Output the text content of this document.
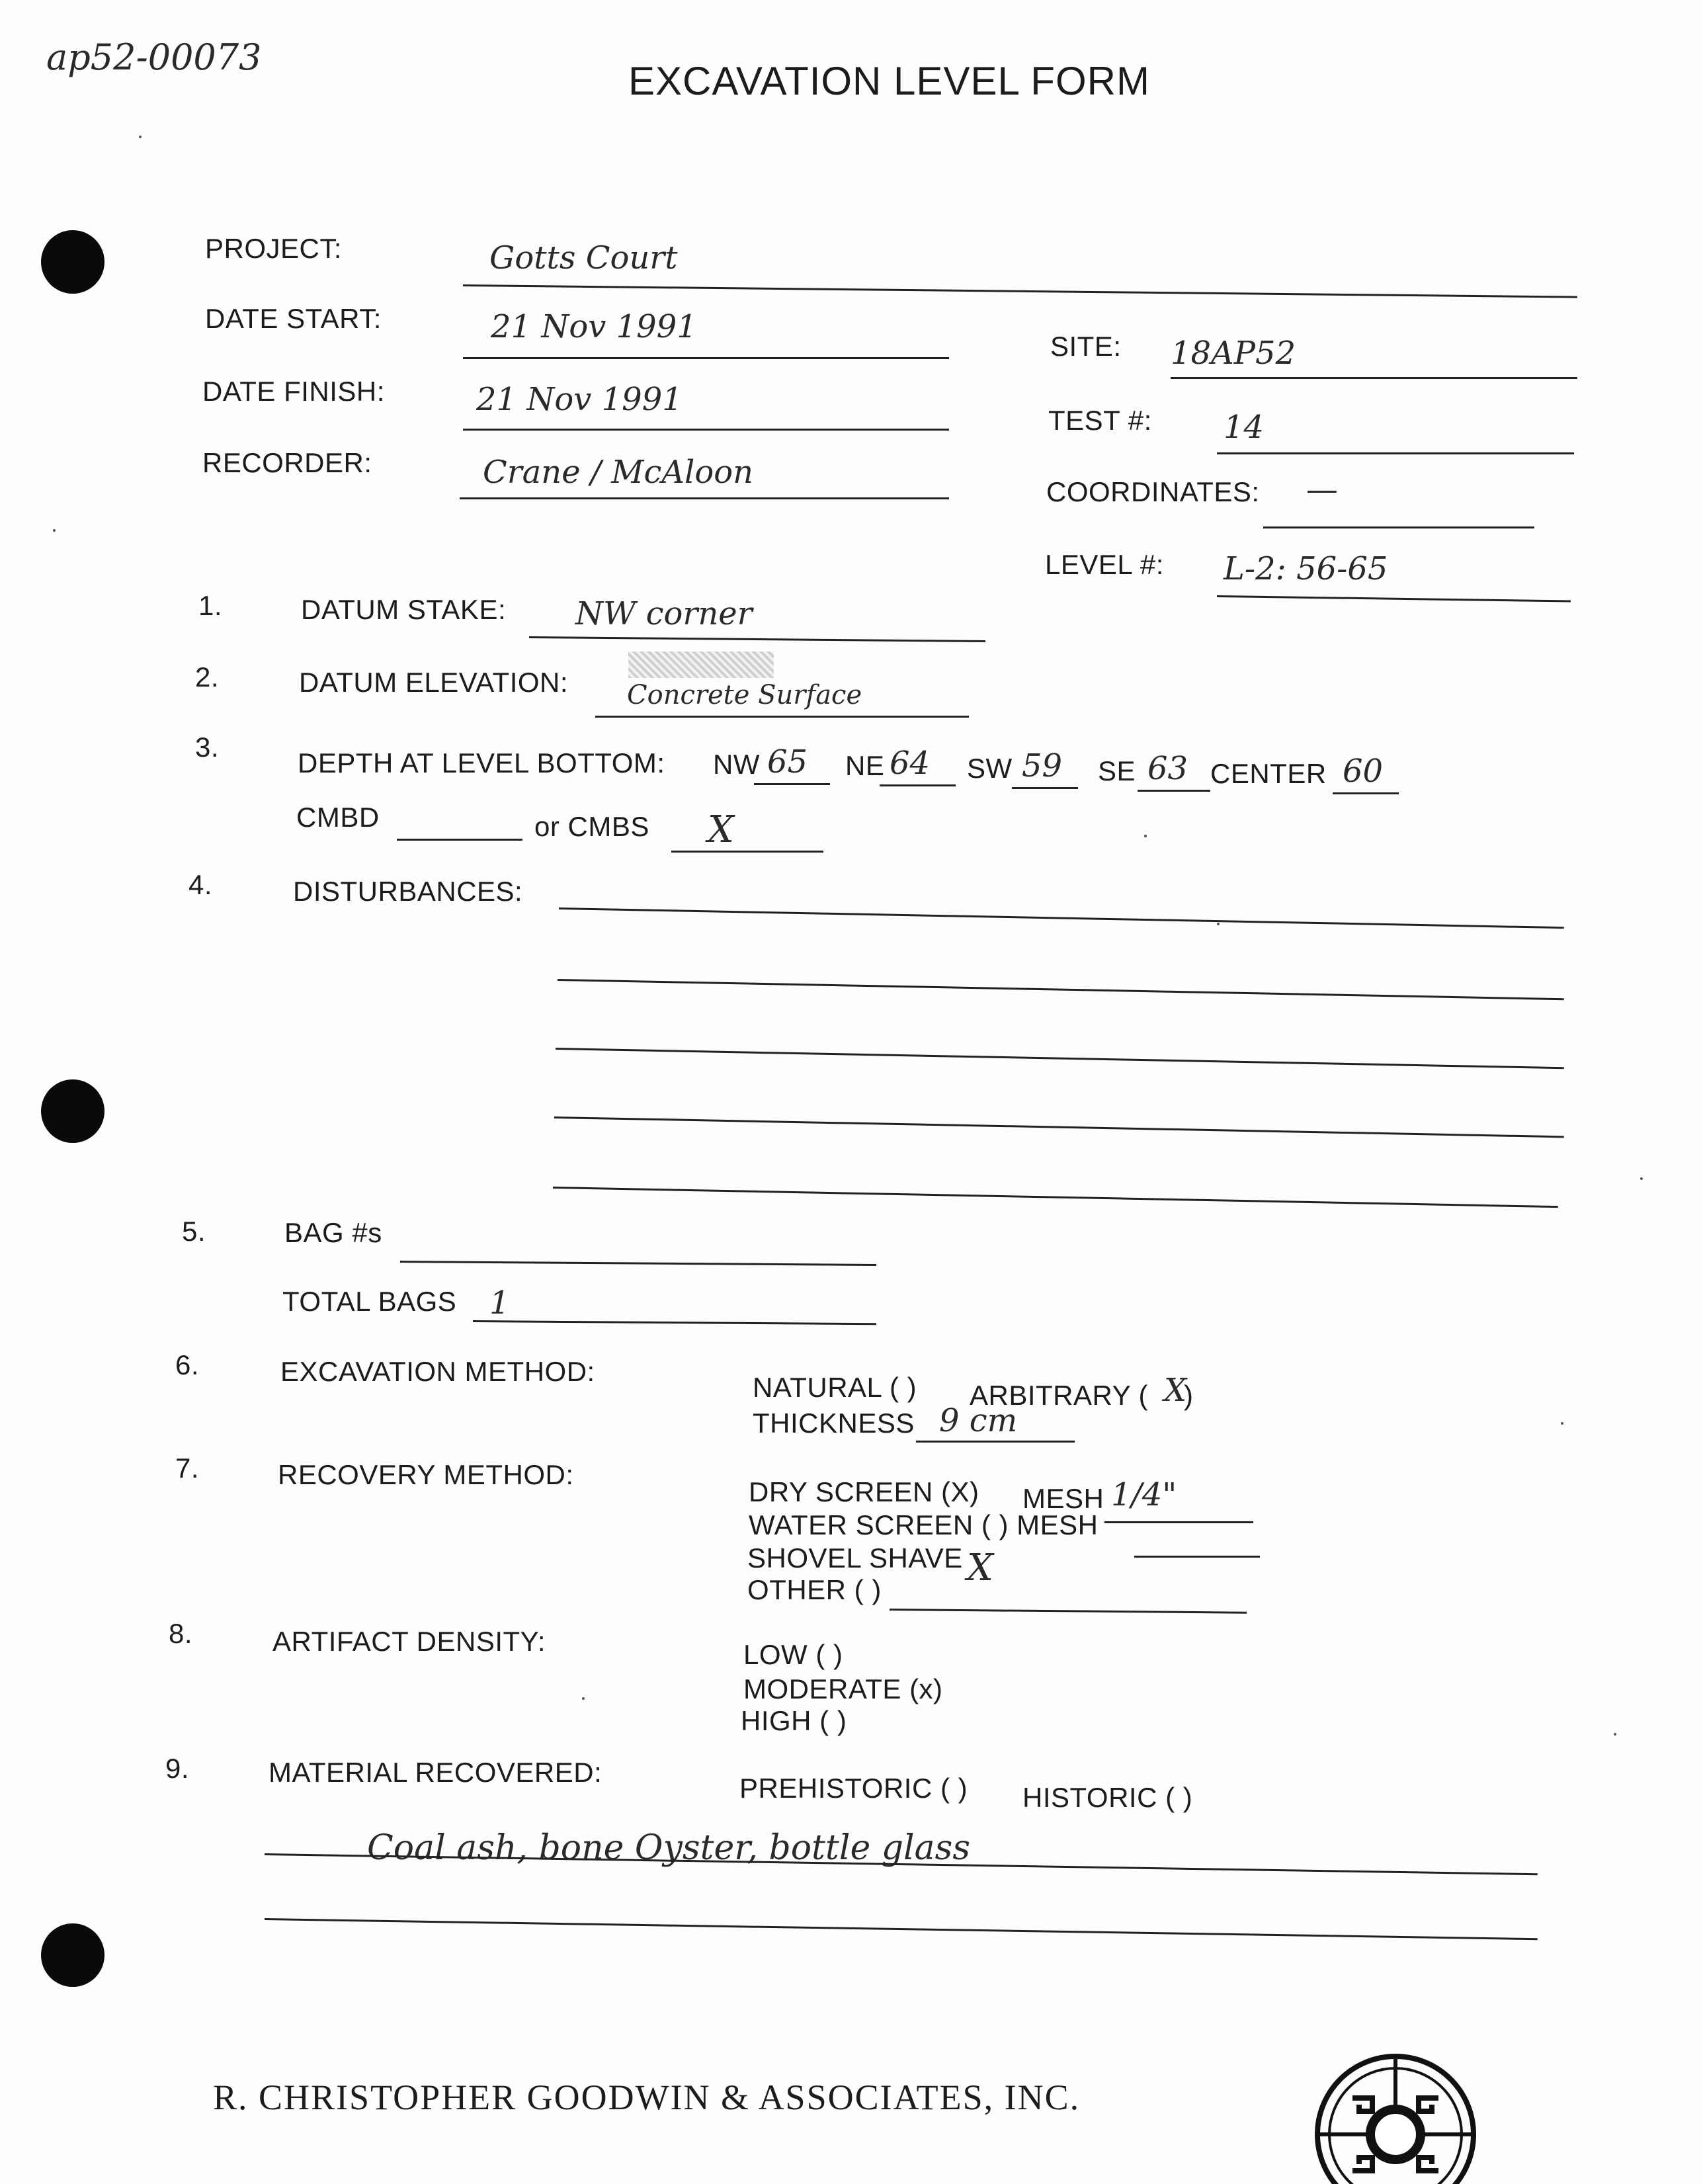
ap52-00073
EXCAVATION LEVEL FORM
PROJECT:	Gotts Court
DATE START:	21 Nov 1991
DATE FINISH:	21 Nov 1991
RECORDER:	Crane / McAloon
SITE: 18AP52
TEST #: 14
COORDINATES: —
LEVEL #: L-2: 56-65
1.	DATUM STAKE: NW corner
2.	DATUM ELEVATION: Concrete Surface
3.
DEPTH AT LEVEL BOTTOM: NW 65 NE 64 SW 59 SE 63 CENTER 60
CMBD	or CMBS X
4.	DISTURBANCES:
5.	BAG #s
TOTAL BAGS 1
6.	EXCAVATION METHOD:
NATURAL ( ) ARBITRARY ( X
)
THICKNESS 9 cm
7.	RECOVERY METHOD:
DRY SCREEN (X) MESH 1/4"
WATER SCREEN ( ) MESH
SHOVEL SHAVE X
OTHER ( )
8.	ARTIFACT DENSITY:	LOW ( )
MODERATE (x)
HIGH ( )
9.	MATERIAL RECOVERED:
PREHISTORIC ( ) HISTORIC ( )
Coal ash, bone Oyster, bottle glass
R. CHRISTOPHER GOODWIN & ASSOCIATES, INC.
